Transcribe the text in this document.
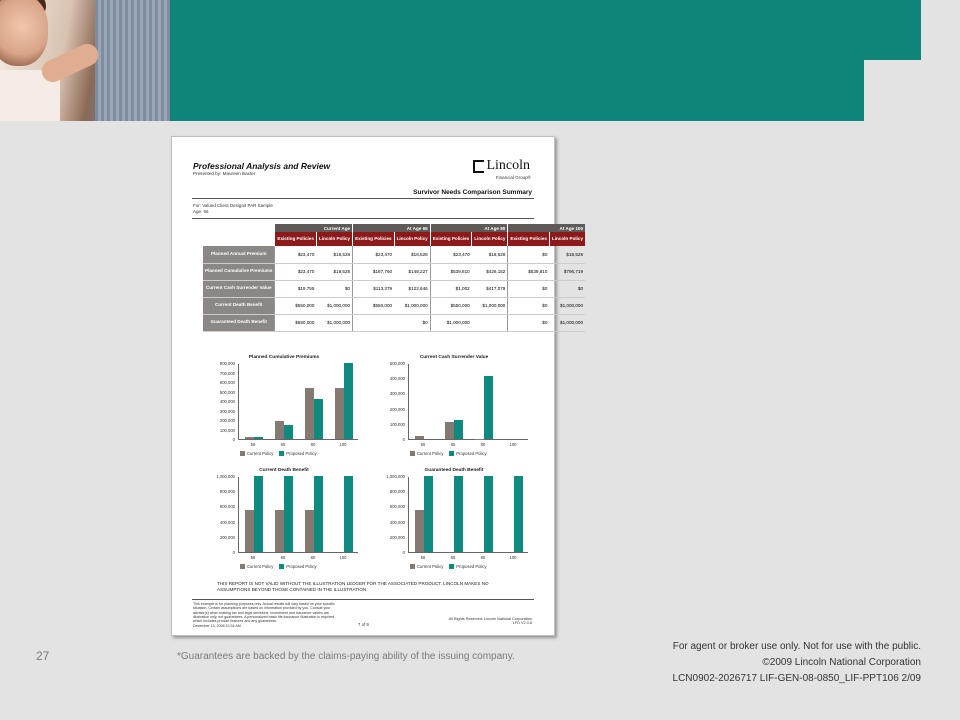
Professional Analysis and Review
Presented by: Maureen Baxter
Lincoln
Financial Group®
Survivor Needs Comparison Summary
For: Valued Client Designit PAR Sample
Age: 56
	Current Age		At Age 65		At Age 80		At Age 100	
	Existing Policies	Lincoln Policy	Existing Policies	Lincoln Policy	Existing Policies	Lincoln Policy	Existing Policies	Lincoln Policy
Planned Annual Premium	$23,470	$18,528	$23,470	$18,528	$23,470	$18,528	$0	$18,528
Planned Cumulative Premiums	$23,470	$18,528	$187,760	$148,227	$539,810	$426,152	$539,810	$796,719
Current Cash Surrender Value	$19,755	$0	$113,379	$122,646	$1,002	$417,079	$0	$0
Current Death Benefit	$550,000	$1,000,000	$550,000	$1,000,000	$550,000	$1,000,000	$0	$1,000,000
Guaranteed Death Benefit	$550,000	$1,000,000		$0	$1,000,000		$0	$1,000,000
Planned Cumulative Premiums
0
100,000
200,000
300,000
400,000
500,000
600,000
700,000
800,000
56	65	80	100
Current Policy	Proposed Policy
Current Cash Surrender Value
0
100,000
200,000
300,000
400,000
500,000
56	65	80	100
Current Policy	Proposed Policy
Current Death Benefit
0
200,000
400,000
600,000
800,000
1,000,000
56	65	80	100
Current Policy	Proposed Policy
Guaranteed Death Benefit
0
200,000
400,000
600,000
800,000
1,000,000
56	65	80	100
Current Policy	Proposed Policy
THIS REPORT IS NOT VALID WITHOUT THE ILLUSTRATION LEDGER FOR THE ASSOCIATED PRODUCT. LINCOLN MAKES NO ASSUMPTIONS BEYOND THOSE CONTAINED IN THE ILLUSTRATION.
This example is for planning purposes only. Actual results will vary based on your specific situation. Certain assumptions are based on information provided by you. Consult your advisor(s) when making tax and legal decisions. Investment and insurance values are illustrative only, not guarantees. A personalized basic life insurance illustration is required which includes product features and any guarantees.
December 15, 2008 12:34 AM	7 of 9
All Rights Reserved. Lincoln National Corporation
LFD V2.0.8
27	*Guarantees are backed by the claims-paying ability of the issuing company.
For agent or broker use only. Not for use with the public.
©2009 Lincoln National Corporation
LCN0902-2026717 LIF-GEN-08-0850_LIF-PPT106 2/09
